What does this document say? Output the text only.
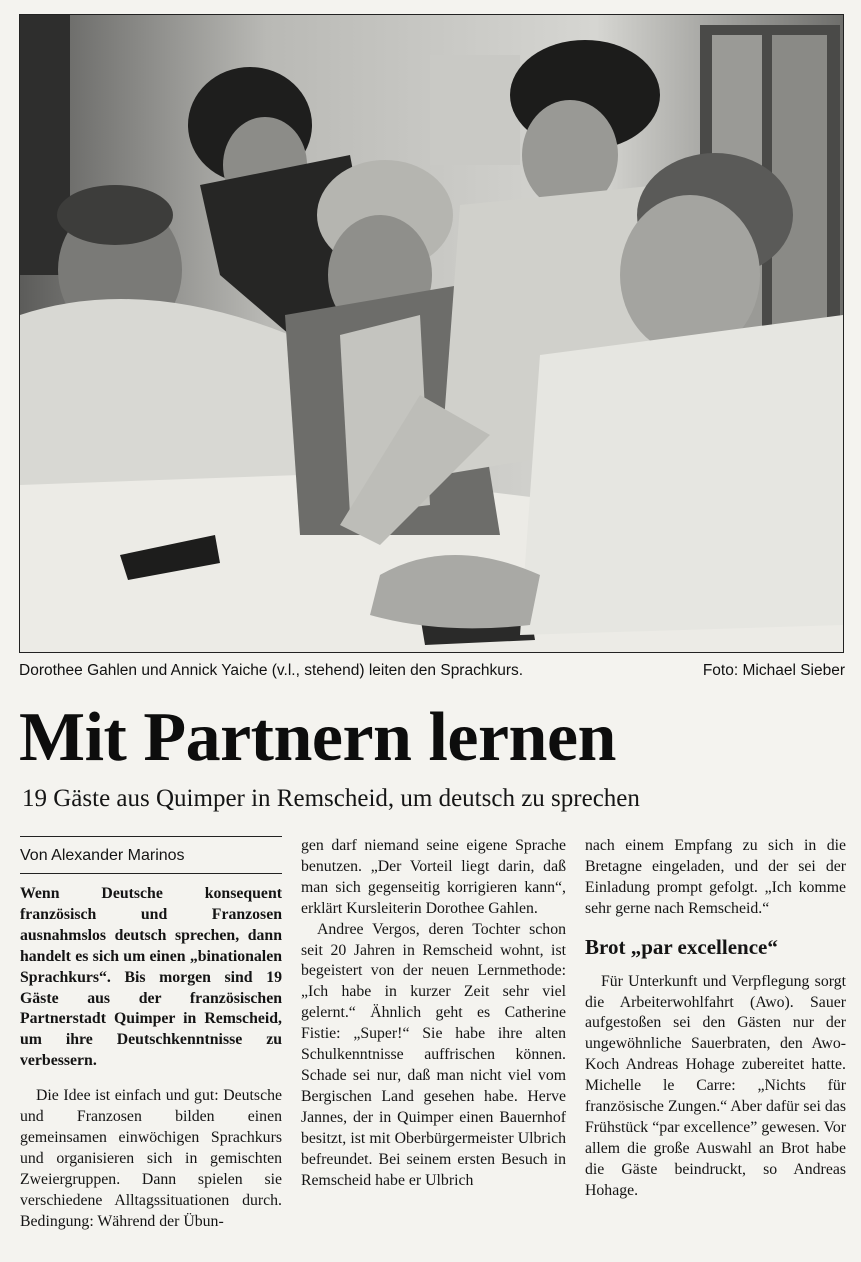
Dorothee Gahlen und Annick Yaiche (v.l., stehend) leiten den Sprachkurs.	Foto: Michael Sieber
Mit Partnern lernen
19 Gäste aus Quimper in Remscheid, um deutsch zu sprechen
Von Alexander Marinos

Wenn Deutsche konsequent französisch und Franzosen ausnahmslos deutsch sprechen, dann handelt es sich um einen „binationalen Sprachkurs“. Bis morgen sind 19 Gäste aus der französischen Partnerstadt Quimper in Remscheid, um ihre Deutschkenntnisse zu verbessern.

Die Idee ist einfach und gut: Deutsche und Franzosen bilden einen gemeinsamen einwöchigen Sprachkurs und organisieren sich in gemischten Zweiergruppen. Dann spielen sie verschiedene Alltagssituationen durch. Bedingung: Während der Übun-

gen darf niemand seine eigene Sprache benutzen. „Der Vorteil liegt darin, daß man sich gegenseitig korrigieren kann“, erklärt Kursleiterin Dorothee Gahlen.

Andree Vergos, deren Tochter schon seit 20 Jahren in Remscheid wohnt, ist begeistert von der neuen Lernmethode: „Ich habe in kurzer Zeit sehr viel gelernt.“ Ähnlich geht es Catherine Fistie: „Super!“ Sie habe ihre alten Schulkenntnisse auffrischen können. Schade sei nur, daß man nicht viel vom Bergischen Land gesehen habe. Herve Jannes, der in Quimper einen Bauernhof besitzt, ist mit Oberbürgermeister Ulbrich befreundet. Bei seinem ersten Besuch in Remscheid habe er Ulbrich

nach einem Empfang zu sich in die Bretagne eingeladen, und der sei der Einladung prompt gefolgt. „Ich komme sehr gerne nach Remscheid.“

Brot „par excellence“

Für Unterkunft und Verpflegung sorgt die Arbeiterwohlfahrt (Awo). Sauer aufgestoßen sei den Gästen nur der ungewöhnliche Sauerbraten, den Awo-Koch Andreas Hohage zubereitet hatte. Michelle le Carre: „Nichts für französische Zungen.“ Aber dafür sei das Frühstück “par excellence” gewesen. Vor allem die große Auswahl an Brot habe die Gäste beindruckt, so Andreas Hohage.
